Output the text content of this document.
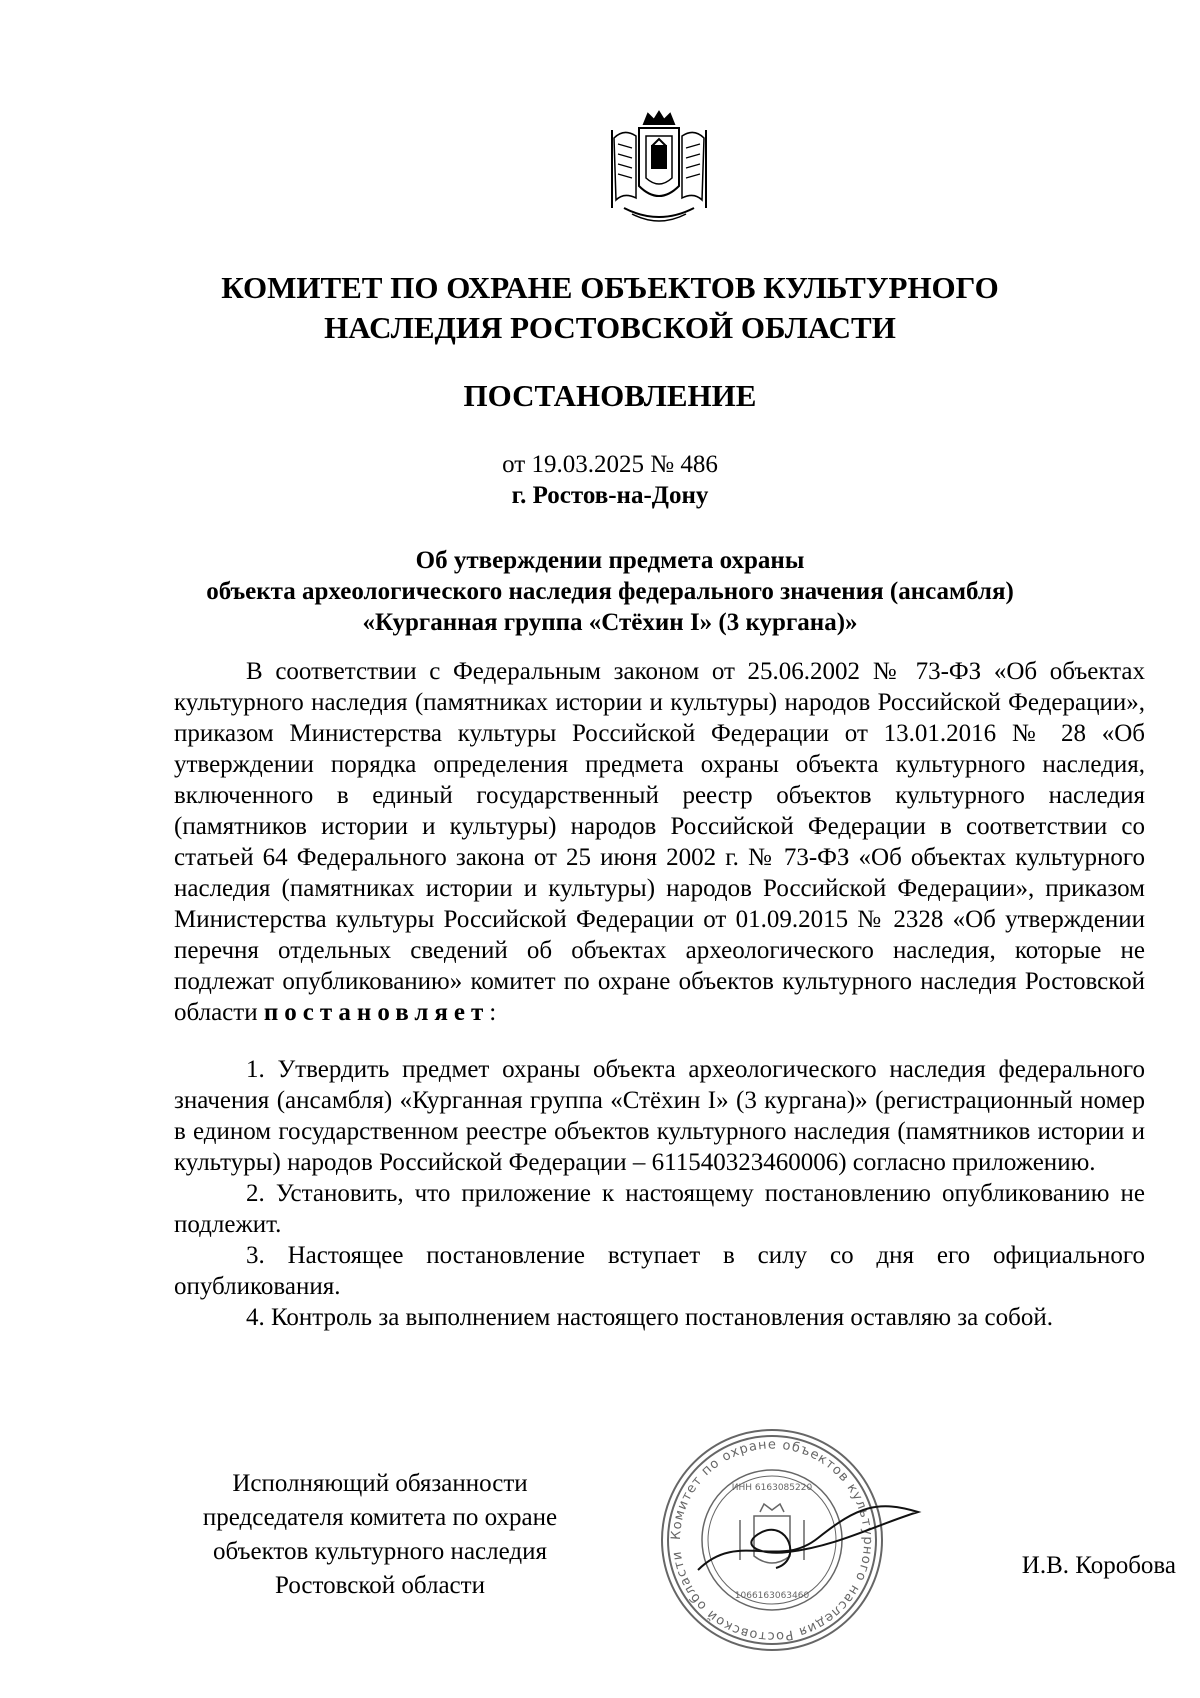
КОМИТЕТ ПО ОХРАНЕ ОБЪЕКТОВ КУЛЬТУРНОГО
НАСЛЕДИЯ РОСТОВСКОЙ ОБЛАСТИ
ПОСТАНОВЛЕНИЕ
от 19.03.2025 № 486
г. Ростов-на-Дону
Об утверждении предмета охраны
объекта археологического наследия федерального значения (ансамбля)
«Курганная группа «Стёхин I» (3 кургана)»

В соответствии с Федеральным законом от 25.06.2002 № 73-ФЗ «Об объектах культурного наследия (памятниках истории и культуры) народов Российской Федерации», приказом Министерства культуры Российской Федерации от 13.01.2016 № 28 «Об утверждении порядка определения предмета охраны объекта культурного наследия, включенного в единый государственный реестр объектов культурного наследия (памятников истории и культуры) народов Российской Федерации в соответствии со статьей 64 Федерального закона от 25 июня 2002 г. № 73-ФЗ «Об объектах культурного наследия (памятниках истории и культуры) народов Российской Федерации», приказом Министерства культуры Российской Федерации от 01.09.2015 № 2328 «Об утверждении перечня отдельных сведений об объектах археологического наследия, которые не подлежат опубликованию» комитет по охране объектов культурного наследия Ростовской области постановляет:

1. Утвердить предмет охраны объекта археологического наследия федерального значения (ансамбля) «Курганная группа «Стёхин I» (3 кургана)» (регистрационный номер в едином государственном реестре объектов культурного наследия (памятников истории и культуры) народов Российской Федерации – 611540323460006) согласно приложению.

2. Установить, что приложение к настоящему постановлению опубликованию не подлежит.

3. Настоящее постановление вступает в силу со дня его официального опубликования.

4. Контроль за выполнением настоящего постановления оставляю за собой.

Исполняющий обязанности
председателя комитета по охране
объектов культурного наследия
Ростовской области
Комитет по охране объектов культурного наследия Ростовской области
ИНН 6163085220
1066163063460
И.В. Коробова
